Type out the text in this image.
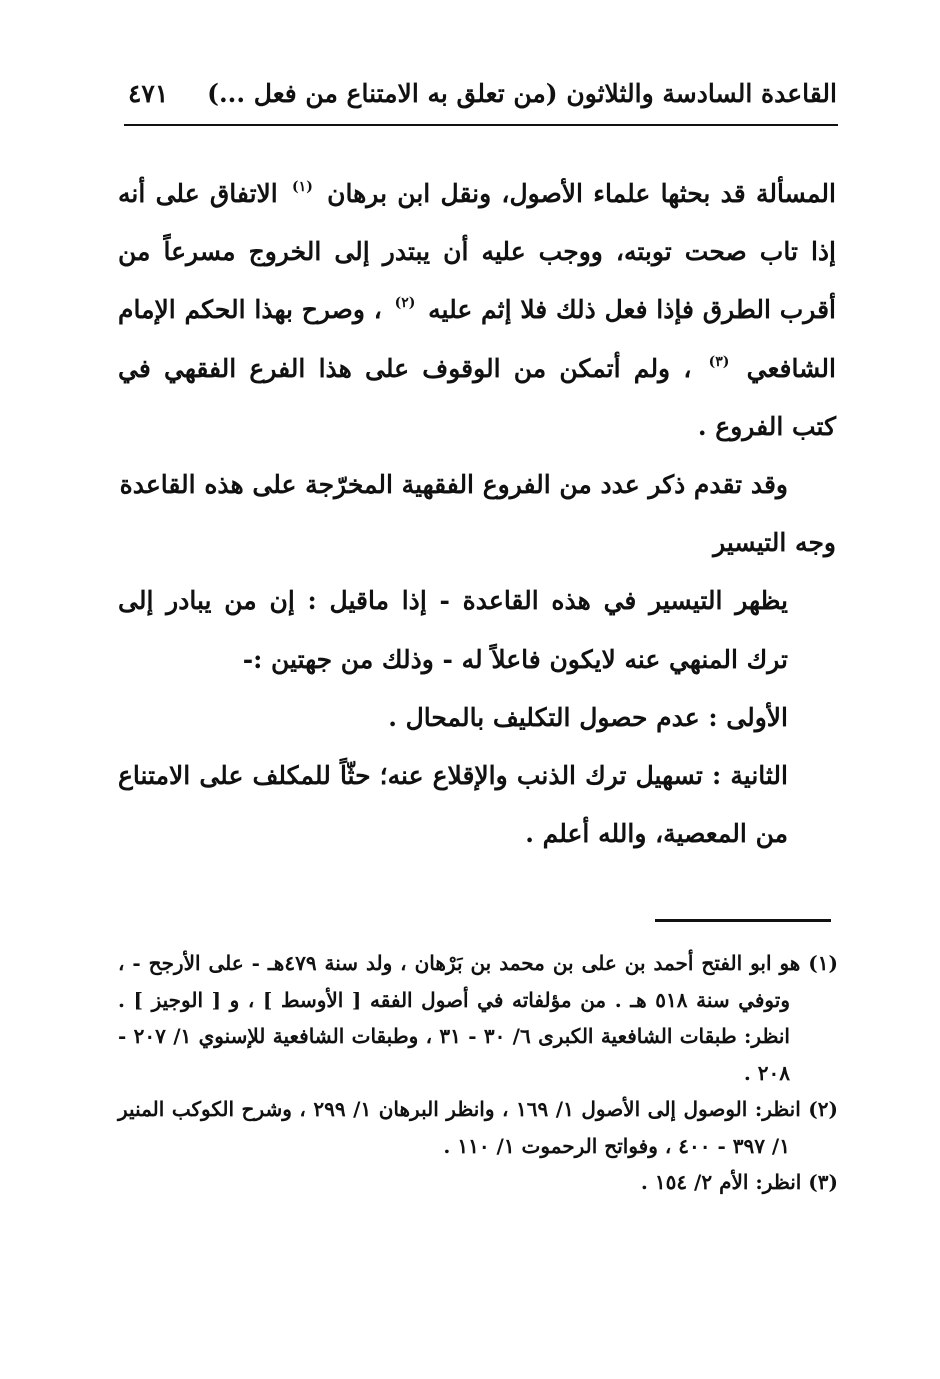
القاعدة السادسة والثلاثون (من تعلق به الامتناع من فعل ...)
٤٧١

المسألة قد بحثها علماء الأصول، ونقل ابن برهان $^{(١)}$ الاتفاق على أنه إذا تاب صحت توبته، ووجب عليه أن يبتدر إلى الخروج مسرعاً من أقرب الطرق فإذا فعل ذلك فلا إثم عليه $^{(٢)}$ ، وصرح بهذا الحكم الإمام الشافعي $^{(٣)}$ ، ولم أتمكن من الوقوف على هذا الفرع الفقهي في كتب الفروع .

وقد تقدم ذكر عدد من الفروع الفقهية المخرّجة على هذه القاعدة

وجه التيسير

يظهر التيسير في هذه القاعدة - إذا ماقيل : إن من يبادر إلى ترك المنهي عنه لايكون فاعلاً له - وذلك من جهتين :-

الأولى : عدم حصول التكليف بالمحال .

الثانية : تسهيل ترك الذنب والإقلاع عنه؛ حثّاً للمكلف على الامتناع من المعصية، والله أعلم .

(١) هو ابو الفتح أحمد بن على بن محمد بن بَرْهان ، ولد سنة ٤٧٩هـ - على الأرجح - ، وتوفي سنة ٥١٨ هـ . من مؤلفاته في أصول الفقه [ الأوسط ] ، و [ الوجيز ] . انظر: طبقات الشافعية الكبرى ٦/ ٣٠ - ٣١ ، وطبقات الشافعية للإسنوي ١/ ٢٠٧ - ٢٠٨ .

(٢) انظر: الوصول إلى الأصول ١/ ١٦٩ ، وانظر البرهان ١/ ٢٩٩ ، وشرح الكوكب المنير ١/ ٣٩٧ - ٤٠٠ ، وفواتح الرحموت ١/ ١١٠ .

(٣) انظر: الأم ٢/ ١٥٤ .
